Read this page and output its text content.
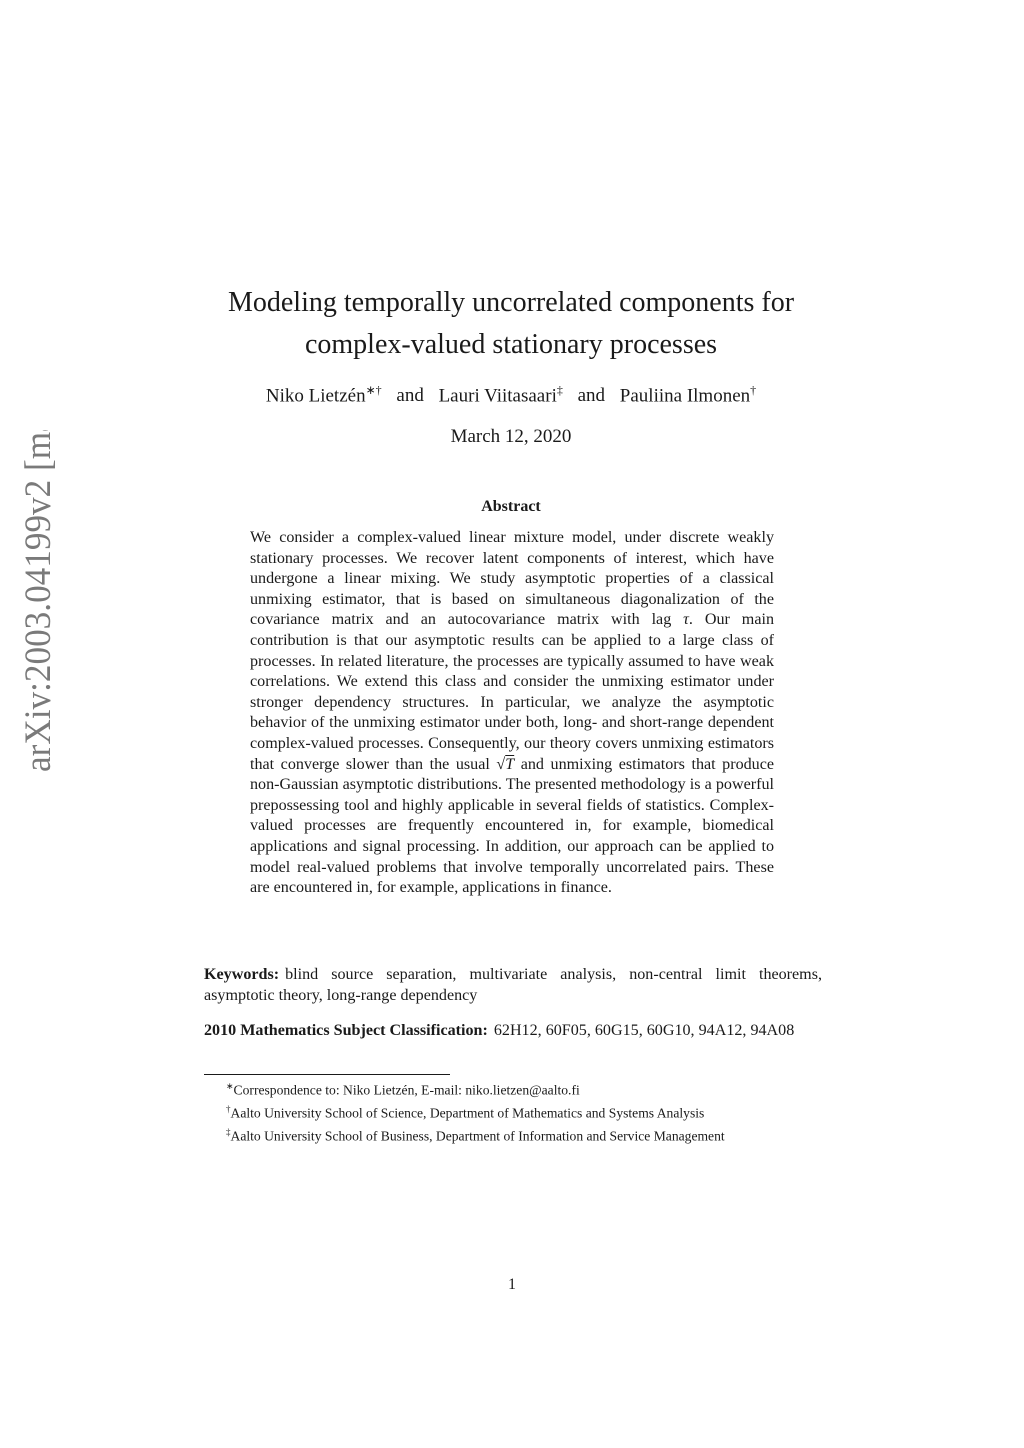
arXiv:2003.04199v2 [math.ST] 11 Mar 2020	Modeling temporally uncorrelated components for
complex-valued stationary processes
Niko Lietzén∗† and Lauri Viitasaari‡ and Pauliina Ilmonen†
March 12, 2020
Abstract

We consider a complex-valued linear mixture model, under discrete weakly stationary processes. We recover latent components of interest, which have undergone a linear mixing. We study asymptotic properties of a classical unmixing estimator, that is based on simultaneous diagonalization of the covariance matrix and an autocovariance matrix with lag τ. Our main contribution is that our asymptotic results can be applied to a large class of processes. In related literature, the processes are typically assumed to have weak correlations. We extend this class and consider the unmixing estimator under stronger dependency structures. In particular, we analyze the asymptotic behavior of the unmixing estimator under both, long- and short-range dependent complex-valued processes. Consequently, our theory covers unmixing estimators that converge slower than the usual √T and unmixing estimators that produce non-Gaussian asymptotic distributions. The presented methodology is a powerful prepossessing tool and highly applicable in several fields of statistics. Complex-valued processes are frequently encountered in, for example, biomedical applications and signal processing. In addition, our approach can be applied to model real-valued problems that involve temporally uncorrelated pairs. These are encountered in, for example, applications in finance.

Keywords: blind source separation, multivariate analysis, non-central limit theorems, asymptotic theory, long-range dependency

2010 Mathematics Subject Classification: 62H12, 60F05, 60G15, 60G10, 94A12, 94A08

∗Correspondence to: Niko Lietzén, E-mail: niko.lietzen@aalto.fi
†Aalto University School of Science, Department of Mathematics and Systems Analysis
‡Aalto University School of Business, Department of Information and Service Management
1
